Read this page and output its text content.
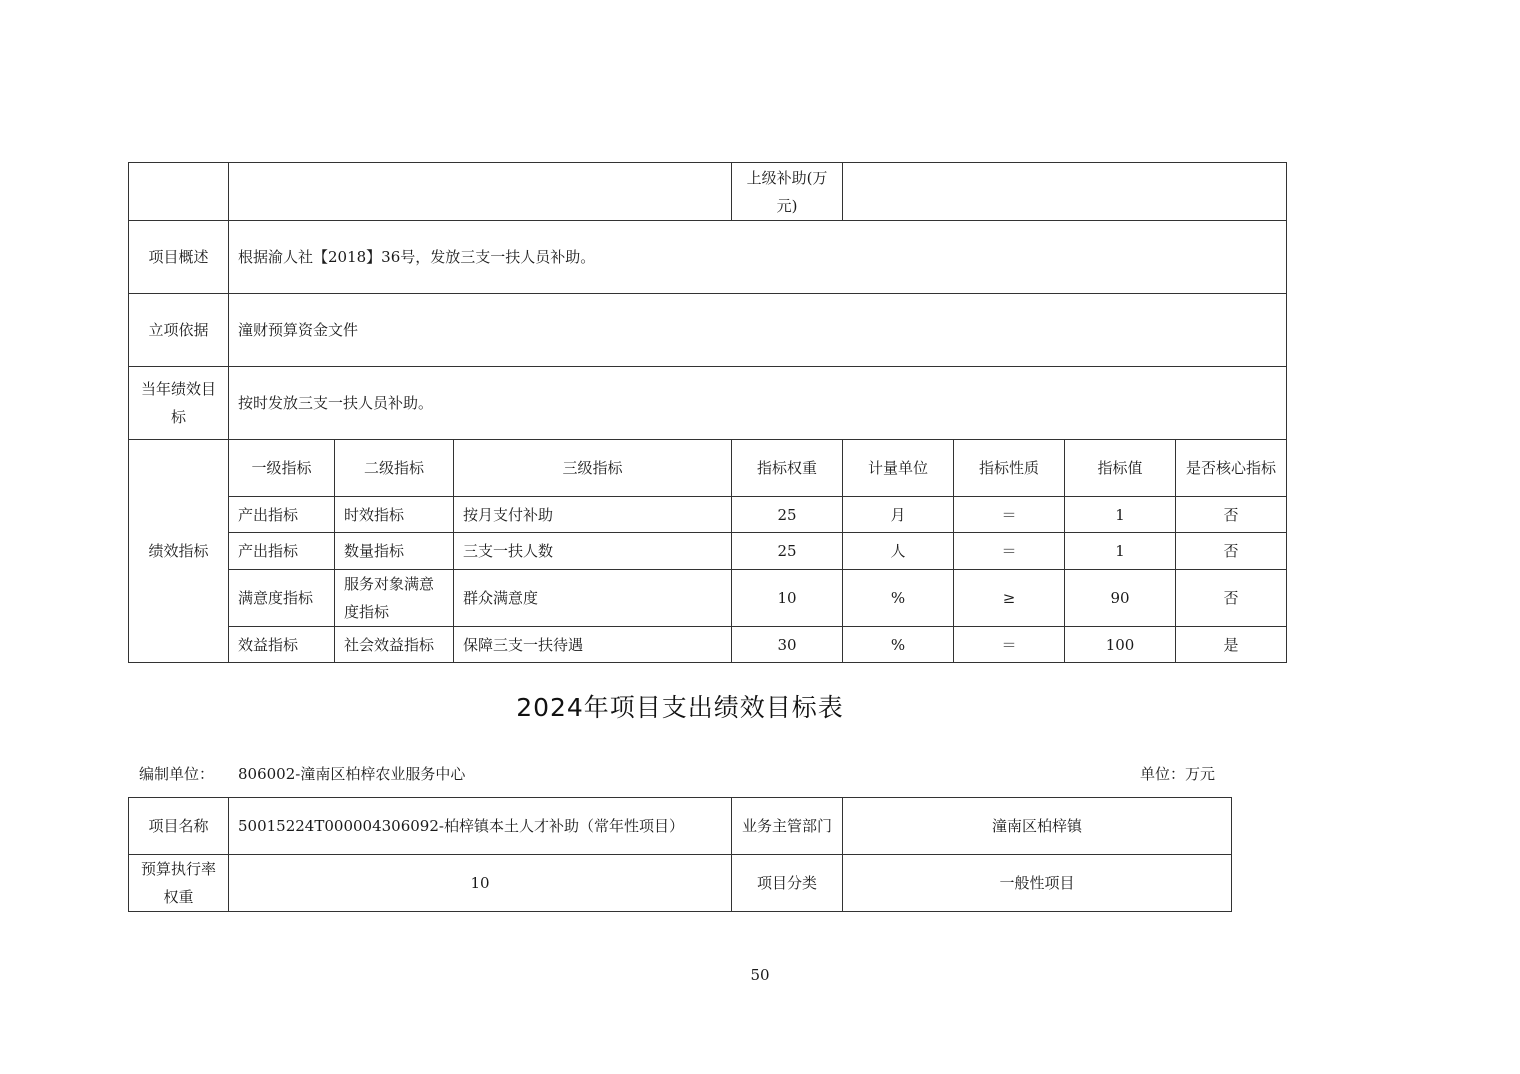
				上级补助(万元)				
项目概述	根据渝人社【2018】36号，发放三支一扶人员补助。							
立项依据	潼财预算资金文件							
当年绩效目标	按时发放三支一扶人员补助。							
绩效指标	一级指标	二级指标	三级指标	指标权重	计量单位	指标性质	指标值	是否核心指标
	产出指标	时效指标	按月支付补助	25	月	＝	1	否
	产出指标	数量指标	三支一扶人数	25	人	＝	1	否
	满意度指标	服务对象满意度指标	群众满意度	10	%	≥	90	否
	效益指标	社会效益指标	保障三支一扶待遇	30	%	＝	100	是
2024年项目支出绩效目标表
编制单位： 806002-潼南区柏梓农业服务中心	单位：万元
项目名称	50015224T000004306092-柏梓镇本土人才补助（常年性项目）	业务主管部门	潼南区柏梓镇
预算执行率权重	10	项目分类	一般性项目
50
